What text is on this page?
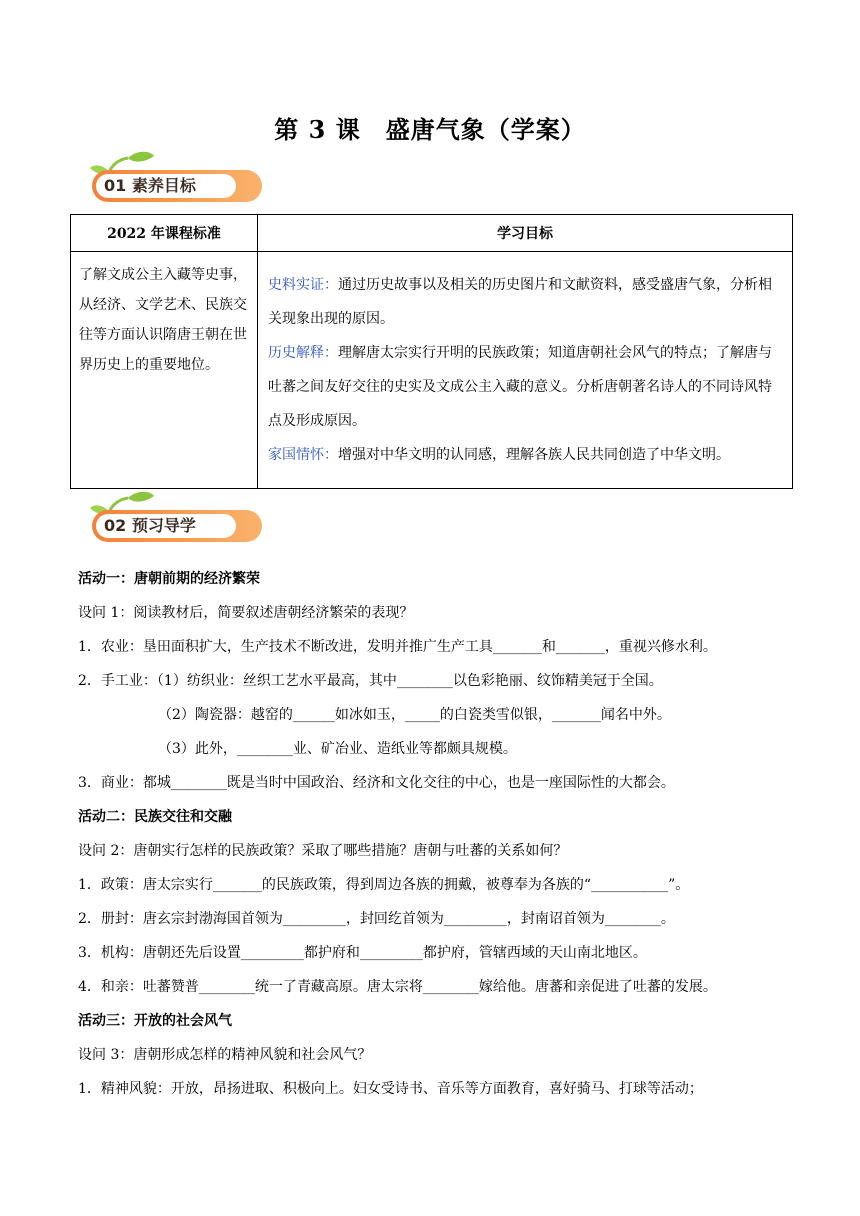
第 3 课　盛唐气象（学案）
01 素养目标
2022 年课程标准	学习目标
了解文成公主入藏等史事，从经济、文学艺术、民族交往等方面认识隋唐王朝在世界历史上的重要地位。	史料实证：通过历史故事以及相关的历史图片和文献资料，感受盛唐气象，分析相关现象出现的原因。
历史解释：理解唐太宗实行开明的民族政策；知道唐朝社会风气的特点；了解唐与吐蕃之间友好交往的史实及文成公主入藏的意义。分析唐朝著名诗人的不同诗风特点及形成原因。
家国情怀：增强对中华文明的认同感，理解各族人民共同创造了中华文明。
02 预习导学
活动一：唐朝前期的经济繁荣
设问 1：阅读教材后，简要叙述唐朝经济繁荣的表现？
1．农业：垦田面积扩大，生产技术不断改进，发明并推广生产工具_______和_______，重视兴修水利。
2．手工业：（1）纺织业：丝织工艺水平最高，其中________以色彩艳丽、纹饰精美冠于全国。
（2）陶瓷器：越窑的______如冰如玉，_____的白瓷类雪似银，_______闻名中外。
（3）此外，________业、矿冶业、造纸业等都颇具规模。
3．商业：都城________既是当时中国政治、经济和文化交往的中心，也是一座国际性的大都会。
活动二：民族交往和交融
设问 2：唐朝实行怎样的民族政策？采取了哪些措施？唐朝与吐蕃的关系如何？
1．政策：唐太宗实行_______的民族政策，得到周边各族的拥戴，被尊奉为各族的“___________”。
2．册封：唐玄宗封渤海国首领为_________，封回纥首领为_________，封南诏首领为________。
3．机构：唐朝还先后设置_________都护府和_________都护府，管辖西域的天山南北地区。
4．和亲：吐蕃赞普________统一了青藏高原。唐太宗将________嫁给他。唐蕃和亲促进了吐蕃的发展。
活动三：开放的社会风气
设问 3：唐朝形成怎样的精神风貌和社会风气？
1．精神风貌：开放，昂扬进取、积极向上。妇女受诗书、音乐等方面教育，喜好骑马、打球等活动；
